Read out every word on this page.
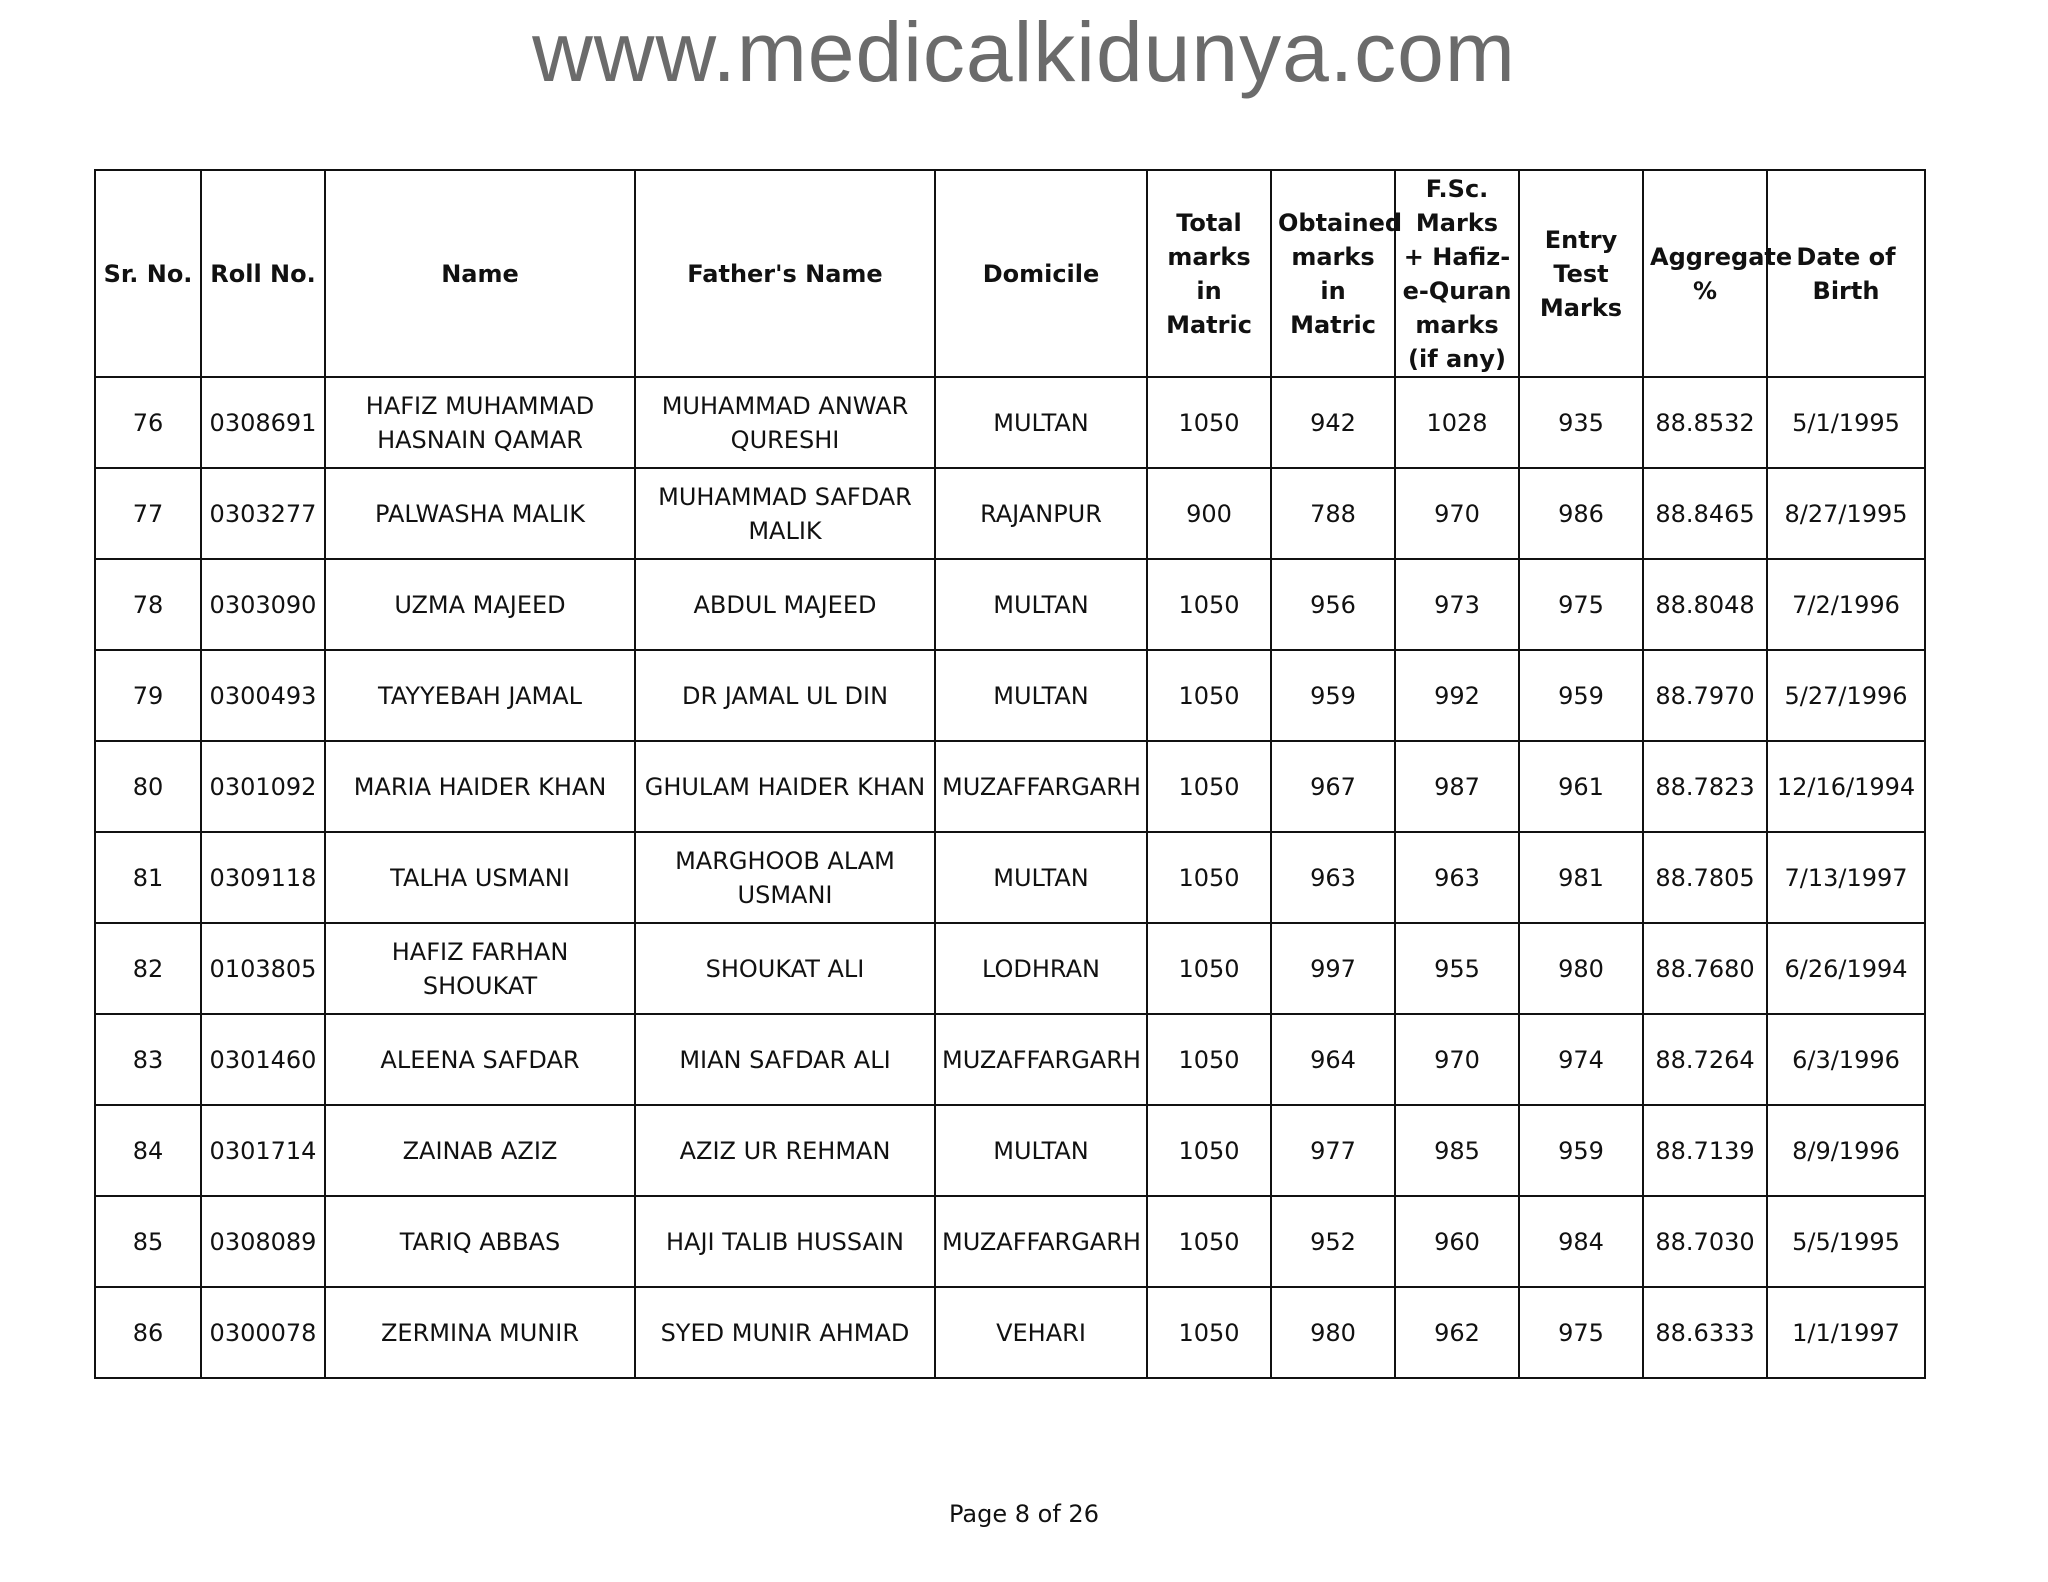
www.medicalkidunya.com
Sr. No.	Roll No.	Name	Father's Name	Domicile	Total marks in Matric	Obtained marks in Matric	F.Sc. Marks + Hafiz-e-Quran marks (if any)	Entry Test Marks	Aggregate %	Date of Birth
76	0308691	HAFIZ MUHAMMAD HASNAIN QAMAR	MUHAMMAD ANWAR QURESHI	MULTAN	1050	942	1028	935	88.8532	5/1/1995
77	0303277	PALWASHA MALIK	MUHAMMAD SAFDAR MALIK	RAJANPUR	900	788	970	986	88.8465	8/27/1995
78	0303090	UZMA MAJEED	ABDUL MAJEED	MULTAN	1050	956	973	975	88.8048	7/2/1996
79	0300493	TAYYEBAH JAMAL	DR JAMAL UL DIN	MULTAN	1050	959	992	959	88.7970	5/27/1996
80	0301092	MARIA HAIDER KHAN	GHULAM HAIDER KHAN	MUZAFFARGARH	1050	967	987	961	88.7823	12/16/1994
81	0309118	TALHA USMANI	MARGHOOB ALAM USMANI	MULTAN	1050	963	963	981	88.7805	7/13/1997
82	0103805	HAFIZ FARHAN SHOUKAT	SHOUKAT ALI	LODHRAN	1050	997	955	980	88.7680	6/26/1994
83	0301460	ALEENA SAFDAR	MIAN SAFDAR ALI	MUZAFFARGARH	1050	964	970	974	88.7264	6/3/1996
84	0301714	ZAINAB AZIZ	AZIZ UR REHMAN	MULTAN	1050	977	985	959	88.7139	8/9/1996
85	0308089	TARIQ ABBAS	HAJI TALIB HUSSAIN	MUZAFFARGARH	1050	952	960	984	88.7030	5/5/1995
86	0300078	ZERMINA MUNIR	SYED MUNIR AHMAD	VEHARI	1050	980	962	975	88.6333	1/1/1997
Page 8 of 26
